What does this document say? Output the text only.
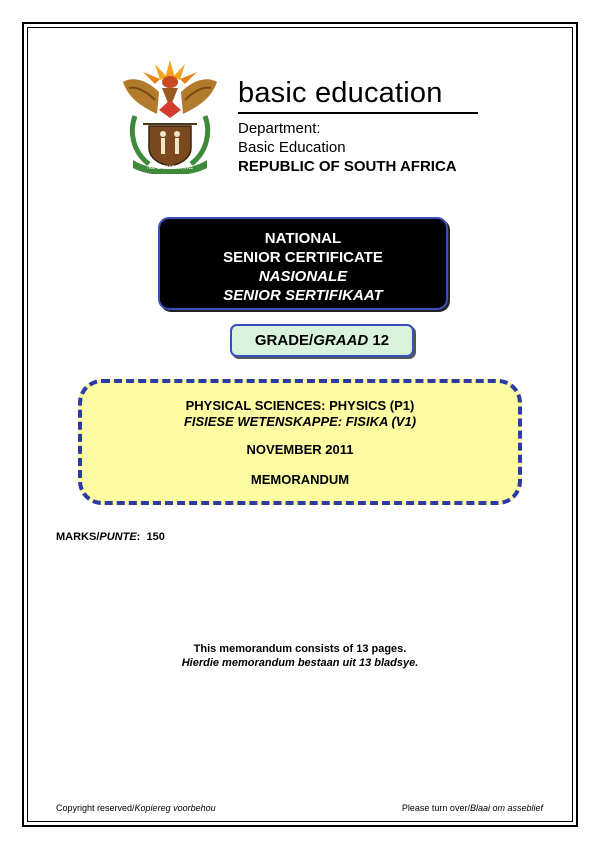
!KE E: /XARRA //KE
basic education
Department:
Basic Education
REPUBLIC OF SOUTH AFRICA
NATIONAL
SENIOR CERTIFICATE
NASIONALE
SENIOR SERTIFIKAAT
GRADE/GRAAD 12
PHYSICAL SCIENCES: PHYSICS (P1)
FISIESE WETENSKAPPE: FISIKA (V1)
NOVEMBER 2011
MEMORANDUM
MARKS/PUNTE: 150
This memorandum consists of 13 pages.
Hierdie memorandum bestaan uit 13 bladsye.
Copyright reserved/Kopiereg voorbehou	Please turn over/Blaai om asseblief
